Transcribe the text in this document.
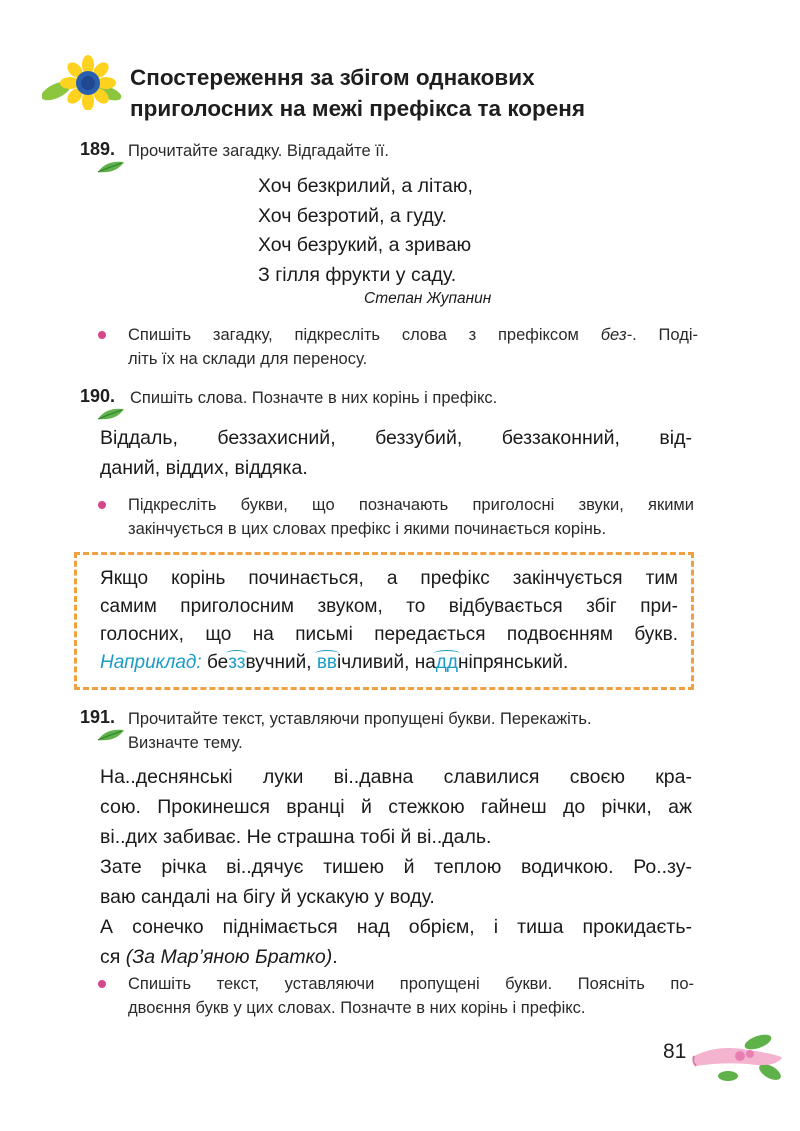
Спостереження за збігом однакових
приголосних на межі префікса та кореня
189. Прочитайте загадку. Відгадайте її.
Хоч безкрилий, а літаю,
Хоч безротий, а гуду.
Хоч безрукий, а зриваю
З гілля фрукти у саду.
Степан Жупанин
Спишіть загадку, підкресліть слова з префіксом без-. Поді-
літь їх на склади для переносу.
190. Спишіть слова. Позначте в них корінь і префікс.
Віддаль, беззахисний, беззубий, беззаконний, від-
даний, віддих, віддяка.
Підкресліть букви, що позначають приголосні звуки, якими
закінчується в цих словах префікс і якими починається корінь.
Якщо корінь починається, а префікс закінчується тим
самим приголосним звуком, то відбувається збіг при-
голосних, що на письмі передається подвоєнням букв.
Наприклад: беззвучний, ввічливий, наддніпрянський.
191. Прочитайте текст, уставляючи пропущені букви. Перекажіть.
Визначте тему.
На..деснянські луки ві..давна славилися своєю кра-
сою. Прокинешся вранці й стежкою гайнеш до річки, аж
ві..дих забиває. Не страшна тобі й ві..даль.
Зате річка ві..дячує тишею й теплою водичкою. Ро..зу-
ваю сандалі на бігу й ускакую у воду.
А сонечко піднімається над обрієм, і тиша прокидаєть-
ся (За Мар’яною Братко).
Спишіть текст, уставляючи пропущені букви. Поясніть по-
двоєння букв у цих словах. Позначте в них корінь і префікс.
81
